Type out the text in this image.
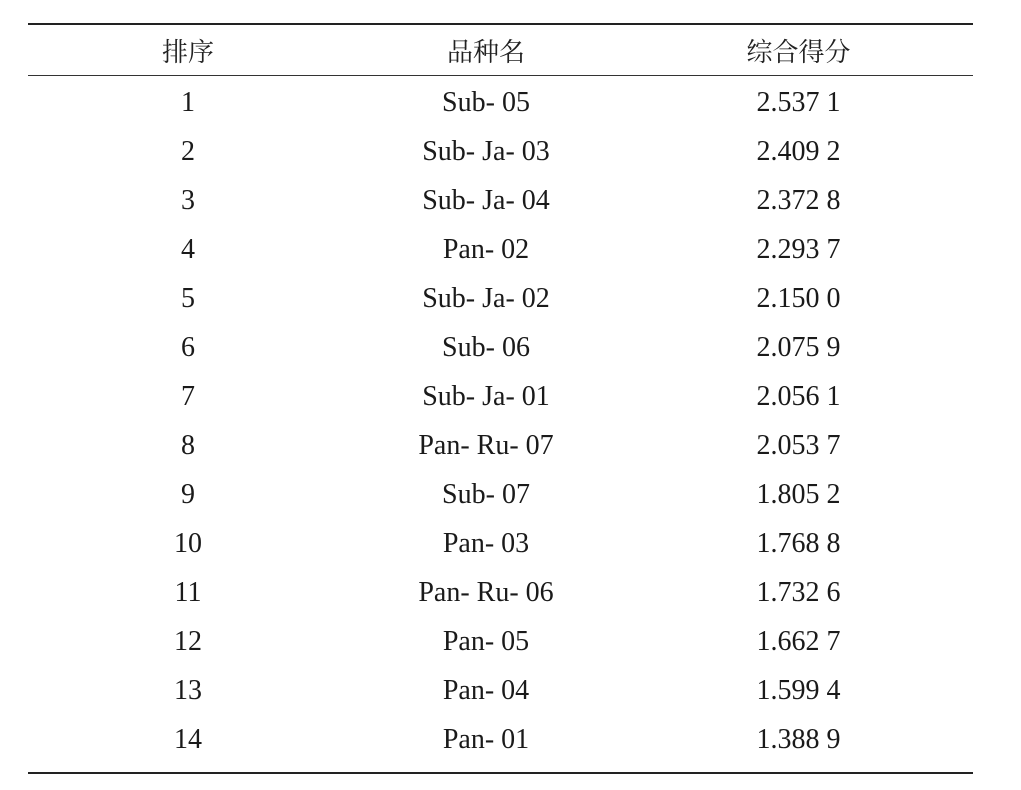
排序	品种名	综合得分
1	Sub- 05	2.537 1
2	Sub- Ja- 03	2.409 2
3	Sub- Ja- 04	2.372 8
4	Pan- 02	2.293 7
5	Sub- Ja- 02	2.150 0
6	Sub- 06	2.075 9
7	Sub- Ja- 01	2.056 1
8	Pan- Ru- 07	2.053 7
9	Sub- 07	1.805 2
10	Pan- 03	1.768 8
11	Pan- Ru- 06	1.732 6
12	Pan- 05	1.662 7
13	Pan- 04	1.599 4
14	Pan- 01	1.388 9
